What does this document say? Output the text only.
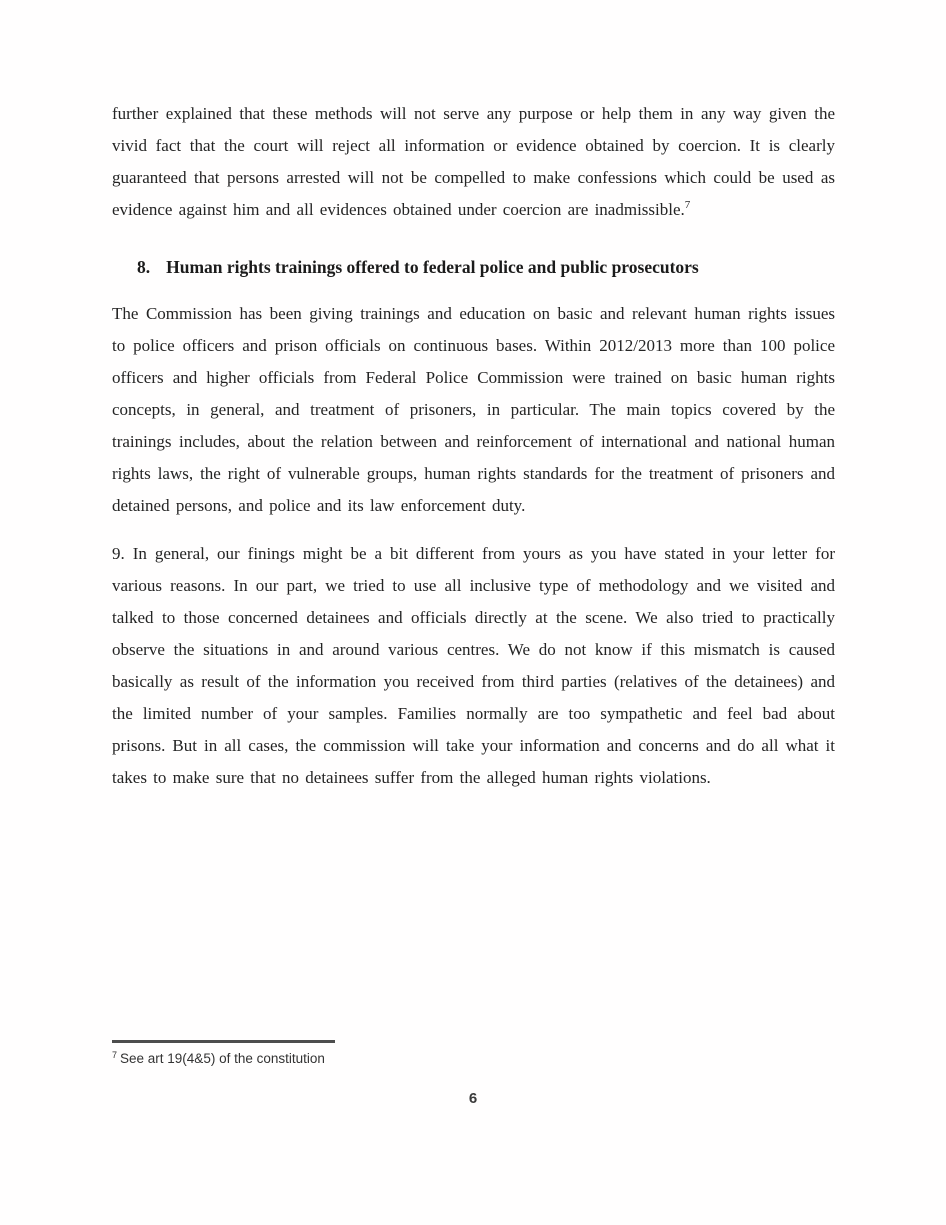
further explained that these methods will not serve any purpose or help them in any way given the vivid fact that the court will reject all information or evidence obtained by coercion. It is clearly guaranteed that persons arrested will not be compelled to make confessions which could be used as evidence against him and all evidences obtained under coercion are inadmissible.$^7$

8. Human rights trainings offered to federal police and public prosecutors

The Commission has been giving trainings and education on basic and relevant human rights issues to police officers and prison officials on continuous bases. Within 2012/2013 more than 100 police officers and higher officials from Federal Police Commission were trained on basic human rights concepts, in general, and treatment of prisoners, in particular. The main topics covered by the trainings includes, about the relation between and reinforcement of international and national human rights laws, the right of vulnerable groups, human rights standards for the treatment of prisoners and detained persons, and police and its law enforcement duty.

9. In general, our finings might be a bit different from yours as you have stated in your letter for various reasons. In our part, we tried to use all inclusive type of methodology and we visited and talked to those concerned detainees and officials directly at the scene. We also tried to practically observe the situations in and around various centres. We do not know if this mismatch is caused basically as result of the information you received from third parties (relatives of the detainees) and the limited number of your samples. Families normally are too sympathetic and feel bad about prisons. But in all cases, the commission will take your information and concerns and do all what it takes to make sure that no detainees suffer from the alleged human rights violations.

$^7$ See art 19(4&5) of the constitution
6
